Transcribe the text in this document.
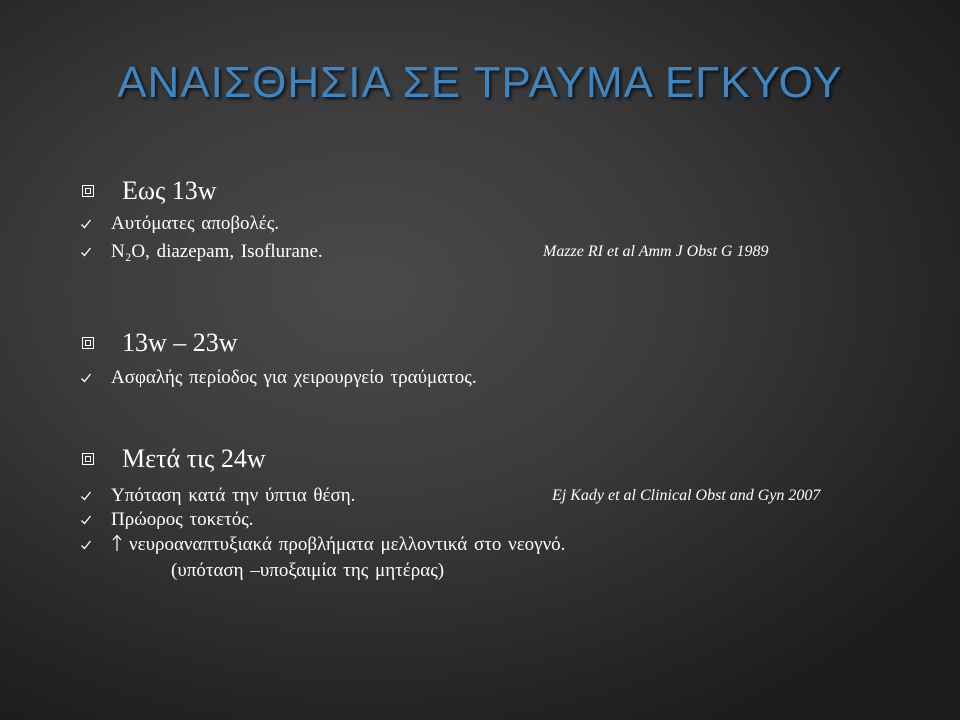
ΑΝΑΙΣΘΗΣΙΑ ΣΕ ΤΡΑΥΜΑ ΕΓΚΥΟΥ
Εως 13w
Αυτόματες αποβολές.
N₂O, diazepam, Isoflurane.	Mazze RI et al Amm J Obst G 1989
13w – 23w
Ασφαλής περίοδος για χειρουργείο τραύματος.
Μετά τις 24w
Υπόταση κατά την ύπτια θέση.	Ej Kady et al Clinical Obst and Gyn 2007
Πρώορος τοκετός.
νευροαναπτυξιακά προβλήματα μελλοντικά στο νεογνό.
(υπόταση –υποξαιμία της μητέρας)
